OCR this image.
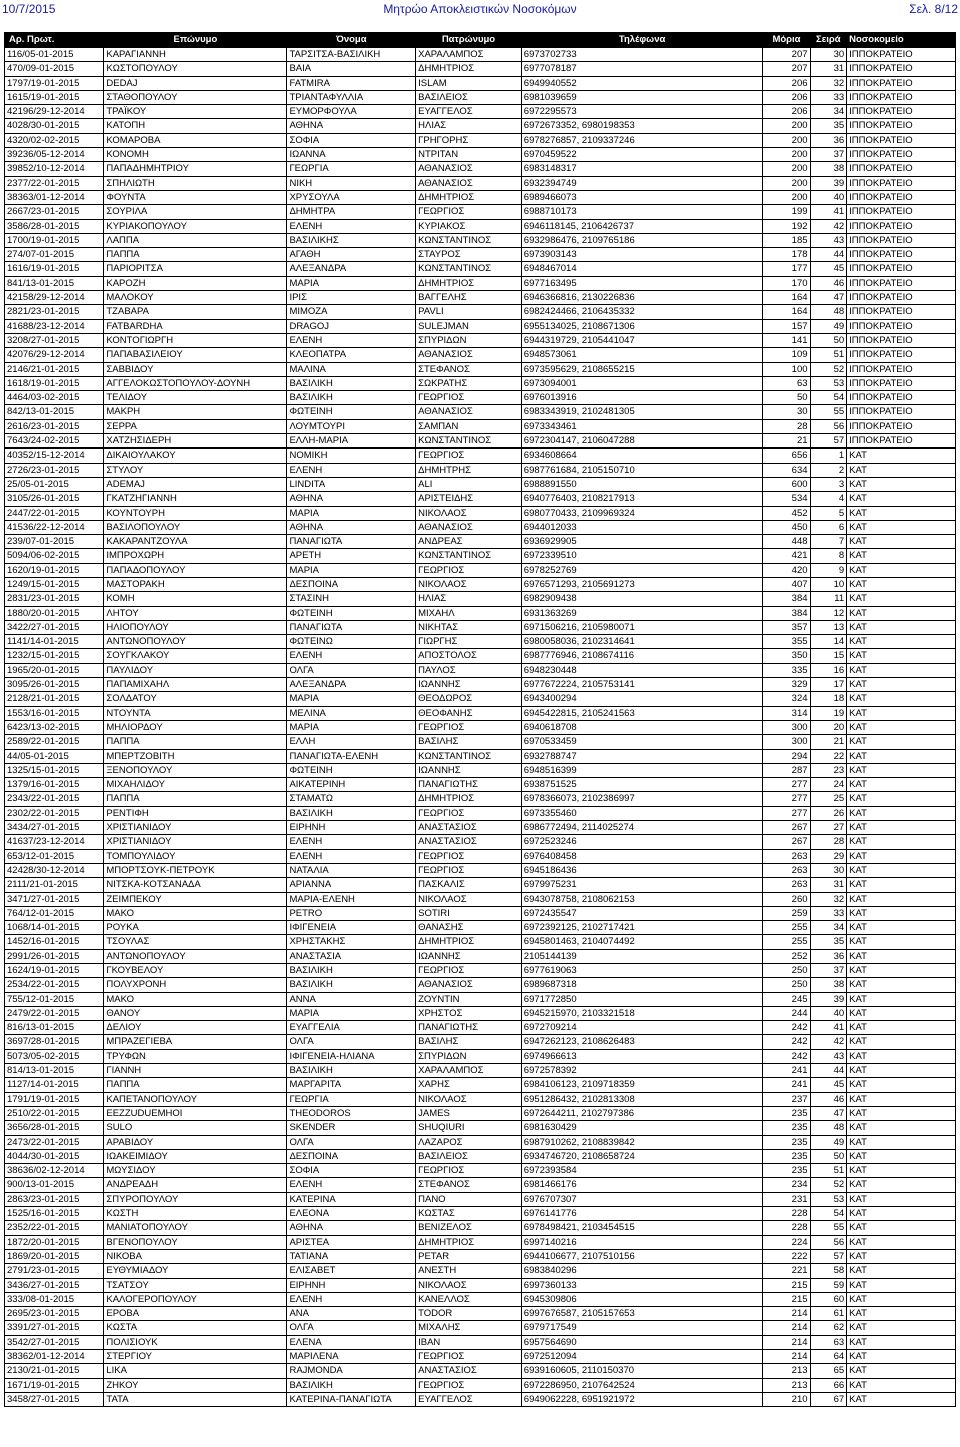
10/7/2015	Μητρώο Αποκλειστικών Νοσοκόμων	Σελ. 8/12
Αρ. Πρωτ.	Επώνυμο	Όνομα	Πατρώνυμο	Τηλέφωνα	Μόρια	Σειρά	Νοσοκομείο
116/05-01-2015	ΚΑΡΑΓΙΑΝΝΗ	ΤΑΡΣΙΤΣΑ-ΒΑΣΙΛΙΚΗ	ΧΑΡΑΛΑΜΠΟΣ	6973702733	207	30	ΙΠΠΟΚΡΑΤΕΙΟ
470/09-01-2015	ΚΩΣΤΟΠΟΥΛΟΥ	ΒΑΙΑ	ΔΗΜΗΤΡΙΟΣ	6977078187	207	31	ΙΠΠΟΚΡΑΤΕΙΟ
1797/19-01-2015	DEDAJ	FATMIRA	ISLAM	6949940552	206	32	ΙΠΠΟΚΡΑΤΕΙΟ
1615/19-01-2015	ΣΤΑΘΟΠΟΥΛΟΥ	ΤΡΙΑΝΤΑΦΥΛΛΙΑ	ΒΑΣΙΛΕΙΟΣ	6981039659	206	33	ΙΠΠΟΚΡΑΤΕΙΟ
42196/29-12-2014	ΤΡΑΪΚΟΥ	ΕΥΜΟΡΦΟΥΛΑ	ΕΥΑΓΓΕΛΟΣ	6972295573	206	34	ΙΠΠΟΚΡΑΤΕΙΟ
4028/30-01-2015	ΚΑΤΟΠΗ	ΑΘΗΝΑ	ΗΛΙΑΣ	6972673352, 6980198353	200	35	ΙΠΠΟΚΡΑΤΕΙΟ
4320/02-02-2015	ΚΟΜΑΡΟΒΑ	ΣΟΦΙΑ	ΓΡΗΓΟΡΗΣ	6978276857, 2109337246	200	36	ΙΠΠΟΚΡΑΤΕΙΟ
39236/05-12-2014	ΚΟΝΟΜΗ	ΙΩΑΝΝΑ	ΝΤΡΙΤΑΝ	6970459522	200	37	ΙΠΠΟΚΡΑΤΕΙΟ
39852/10-12-2014	ΠΑΠΑΔΗΜΗΤΡΙΟΥ	ΓΕΩΡΓΙΑ	ΑΘΑΝΑΣΙΟΣ	6983148317	200	38	ΙΠΠΟΚΡΑΤΕΙΟ
2377/22-01-2015	ΣΠΗΛΙΩΤΗ	ΝΙΚΗ	ΑΘΑΝΑΣΙΟΣ	6932394749	200	39	ΙΠΠΟΚΡΑΤΕΙΟ
38363/01-12-2014	ΦΟΥΝΤΑ	ΧΡΥΣΟΥΛΑ	ΔΗΜΗΤΡΙΟΣ	6989466073	200	40	ΙΠΠΟΚΡΑΤΕΙΟ
2667/23-01-2015	ΣΟΥΡΙΛΑ	ΔΗΜΗΤΡΑ	ΓΕΩΡΓΙΟΣ	6988710173	199	41	ΙΠΠΟΚΡΑΤΕΙΟ
3586/28-01-2015	ΚΥΡΙΑΚΟΠΟΥΛΟΥ	ΕΛΕΝΗ	ΚΥΡΙΑΚΟΣ	6946118145, 2106426737	192	42	ΙΠΠΟΚΡΑΤΕΙΟ
1700/19-01-2015	ΛΑΠΠΑ	ΒΑΣΙΛΙΚΗΣ	ΚΩΝΣΤΑΝΤΙΝΟΣ	6932986476, 2109765186	185	43	ΙΠΠΟΚΡΑΤΕΙΟ
274/07-01-2015	ΠΑΠΠΑ	ΑΓΑΘΗ	ΣΤΑΥΡΟΣ	6973903143	178	44	ΙΠΠΟΚΡΑΤΕΙΟ
1616/19-01-2015	ΠΑΡΙΟΡΙΤΣΑ	ΑΛΕΞΑΝΔΡΑ	ΚΩΝΣΤΑΝΤΙΝΟΣ	6948467014	177	45	ΙΠΠΟΚΡΑΤΕΙΟ
841/13-01-2015	ΚΑΡΟΖΗ	ΜΑΡΙΑ	ΔΗΜΗΤΡΙΟΣ	6977163495	170	46	ΙΠΠΟΚΡΑΤΕΙΟ
42158/29-12-2014	ΜΑΛΟΚΟΥ	ΙΡΙΣ	ΒΑΓΓΕΛΗΣ	6946366816, 2130226836	164	47	ΙΠΠΟΚΡΑΤΕΙΟ
2821/23-01-2015	ΤΖΑΒΑΡΑ	ΜΙΜΟΖΑ	PAVLI	6982424466, 2106435332	164	48	ΙΠΠΟΚΡΑΤΕΙΟ
41688/23-12-2014	FATBARDHA	DRAGOJ	SULEJMAN	6955134025, 2108671306	157	49	ΙΠΠΟΚΡΑΤΕΙΟ
3208/27-01-2015	ΚΟΝΤΟΓΙΩΡΓΗ	ΕΛΕΝΗ	ΣΠΥΡΙΔΩΝ	6944319729, 2105441047	141	50	ΙΠΠΟΚΡΑΤΕΙΟ
42076/29-12-2014	ΠΑΠΑΒΑΣΙΛΕΙΟΥ	ΚΛΕΟΠΑΤΡΑ	ΑΘΑΝΑΣΙΟΣ	6948573061	109	51	ΙΠΠΟΚΡΑΤΕΙΟ
2146/21-01-2015	ΣΑΒΒΙΔΟΥ	ΜΑΛΙΝΑ	ΣΤΕΦΑΝΟΣ	6973595629, 2108655215	100	52	ΙΠΠΟΚΡΑΤΕΙΟ
1618/19-01-2015	ΑΓΓΕΛΟΚΩΣΤΟΠΟΥΛΟΥ-ΔΟΥΝΗ	ΒΑΣΙΛΙΚΗ	ΣΩΚΡΑΤΗΣ	6973094001	63	53	ΙΠΠΟΚΡΑΤΕΙΟ
4464/03-02-2015	ΤΕΛΙΔΟΥ	ΒΑΣΙΛΙΚΗ	ΓΕΩΡΓΙΟΣ	6976013916	50	54	ΙΠΠΟΚΡΑΤΕΙΟ
842/13-01-2015	ΜΑΚΡΗ	ΦΩΤΕΙΝΗ	ΑΘΑΝΑΣΙΟΣ	6983343919, 2102481305	30	55	ΙΠΠΟΚΡΑΤΕΙΟ
2616/23-01-2015	ΣΕΡΡΑ	ΛΟΥΜΤΟΥΡΙ	ΣΑΜΠΑΝ	6973343461	28	56	ΙΠΠΟΚΡΑΤΕΙΟ
7643/24-02-2015	ΧΑΤΖΗΣΙΔΕΡΗ	ΕΛΛΗ-ΜΑΡΙΑ	ΚΩΝΣΤΑΝΤΙΝΟΣ	6972304147, 2106047288	21	57	ΙΠΠΟΚΡΑΤΕΙΟ
40352/15-12-2014	ΔΙΚΑΙΟΥΛΑΚΟΥ	ΝΟΜΙΚΗ	ΓΕΩΡΓΙΟΣ	6934608664	656	1	ΚΑΤ
2726/23-01-2015	ΣΤΥΛΟΥ	ΕΛΕΝΗ	ΔΗΜΗΤΡΗΣ	6987761684, 2105150710	634	2	ΚΑΤ
25/05-01-2015	ADEMAJ	LINDITA	ALI	6988891550	600	3	ΚΑΤ
3105/26-01-2015	ΓΚΑΤΖΗΓΙΑΝΝΗ	ΑΘΗΝΑ	ΑΡΙΣΤΕΙΔΗΣ	6940776403, 2108217913	534	4	ΚΑΤ
2447/22-01-2015	ΚΟΥΝΤΟΥΡΗ	ΜΑΡΙΑ	ΝΙΚΟΛΑΟΣ	6980770433, 2109969324	452	5	ΚΑΤ
41536/22-12-2014	ΒΑΣΙΛΟΠΟΥΛΟΥ	ΑΘΗΝΑ	ΑΘΑΝΑΣΙΟΣ	6944012033	450	6	ΚΑΤ
239/07-01-2015	ΚΑΚΑΡΑΝΤΖΟΥΛΑ	ΠΑΝΑΓΙΩΤΑ	ΑΝΔΡΕΑΣ	6936929905	448	7	ΚΑΤ
5094/06-02-2015	ΙΜΠΡΟΧΩΡΗ	ΑΡΕΤΗ	ΚΩΝΣΤΑΝΤΙΝΟΣ	6972339510	421	8	ΚΑΤ
1620/19-01-2015	ΠΑΠΑΔΟΠΟΥΛΟΥ	ΜΑΡΙΑ	ΓΕΩΡΓΙΟΣ	6978252769	420	9	ΚΑΤ
1249/15-01-2015	ΜΑΣΤΟΡΑΚΗ	ΔΕΣΠΟΙΝΑ	ΝΙΚΟΛΑΟΣ	6976571293, 2105691273	407	10	ΚΑΤ
2831/23-01-2015	ΚΟΜΗ	ΣΤΑΣΙΝΗ	ΗΛΙΑΣ	6982909438	384	11	ΚΑΤ
1880/20-01-2015	ΛΗΤΟΥ	ΦΩΤΕΙΝΗ	ΜΙΧΑΗΛ	6931363269	384	12	ΚΑΤ
3422/27-01-2015	ΗΛΙΟΠΟΥΛΟΥ	ΠΑΝΑΓΙΩΤΑ	ΝΙΚΗΤΑΣ	6971506216, 2105980071	357	13	ΚΑΤ
1141/14-01-2015	ΑΝΤΩΝΟΠΟΥΛΟΥ	ΦΩΤΕΙΝΩ	ΓΙΩΡΓΗΣ	6980058036, 2102314641	355	14	ΚΑΤ
1232/15-01-2015	ΣΟΥΓΚΛΑΚΟΥ	ΕΛΕΝΗ	ΑΠΟΣΤΟΛΟΣ	6987776946, 2108674116	350	15	ΚΑΤ
1965/20-01-2015	ΠΑΥΛΙΔΟΥ	ΟΛΓΑ	ΠΑΥΛΟΣ	6948230448	335	16	ΚΑΤ
3095/26-01-2015	ΠΑΠΑΜΙΧΑΗΛ	ΑΛΕΞΑΝΔΡΑ	ΙΩΑΝΝΗΣ	6977672224, 2105753141	329	17	ΚΑΤ
2128/21-01-2015	ΣΟΛΔΑΤΟΥ	ΜΑΡΙΑ	ΘΕΟΔΩΡΟΣ	6943400294	324	18	ΚΑΤ
1553/16-01-2015	ΝΤΟΥΝΤΑ	ΜΕΛΙΝΑ	ΘΕΟΦΑΝΗΣ	6945422815, 2105241563	314	19	ΚΑΤ
6423/13-02-2015	ΜΗΛΙΟΡΔΟΥ	ΜΑΡΙΑ	ΓΕΩΡΓΙΟΣ	6940618708	300	20	ΚΑΤ
2589/22-01-2015	ΠΑΠΠΑ	ΕΛΛΗ	ΒΑΣΙΛΗΣ	6970533459	300	21	ΚΑΤ
44/05-01-2015	ΜΠΕΡΤΖΟΒΙΤΗ	ΠΑΝΑΓΙΩΤΑ-ΕΛΕΝΗ	ΚΩΝΣΤΑΝΤΙΝΟΣ	6932788747	294	22	ΚΑΤ
1325/15-01-2015	ΞΕΝΟΠΟΥΛΟΥ	ΦΩΤΕΙΝΗ	ΙΩΑΝΝΗΣ	6948516399	287	23	ΚΑΤ
1379/16-01-2015	ΜΙΧΑΗΛΙΔΟΥ	ΑΙΚΑΤΕΡΙΝΗ	ΠΑΝΑΓΙΩΤΗΣ	6938751525	277	24	ΚΑΤ
2343/22-01-2015	ΠΑΠΠΑ	ΣΤΑΜΑΤΩ	ΔΗΜΗΤΡΙΟΣ	6978366073, 2102386997	277	25	ΚΑΤ
2302/22-01-2015	ΡΕΝΤΙΦΗ	ΒΑΣΙΛΙΚΗ	ΓΕΩΡΓΙΟΣ	6973355460	277	26	ΚΑΤ
3434/27-01-2015	ΧΡΙΣΤΙΑΝΙΔΟΥ	ΕΙΡΗΝΗ	ΑΝΑΣΤΑΣΙΟΣ	6986772494, 2114025274	267	27	ΚΑΤ
41637/23-12-2014	ΧΡΙΣΤΙΑΝΙΔΟΥ	ΕΛΕΝΗ	ΑΝΑΣΤΑΣΙΟΣ	6972523246	267	28	ΚΑΤ
653/12-01-2015	ΤΟΜΠΟΥΛΙΔΟΥ	ΕΛΕΝΗ	ΓΕΩΡΓΙΟΣ	6976408458	263	29	ΚΑΤ
42428/30-12-2014	ΜΠΟΡΤΣΟΥΚ-ΠΕΤΡΟΥΚ	ΝΑΤΑΛΙΑ	ΓΕΩΡΓΙΟΣ	6945186436	263	30	ΚΑΤ
2111/21-01-2015	ΝΙΤΣΚΑ-ΚΟΤΣΑΝΑΔΑ	ΑΡΙΑΝΝΑ	ΠΑΣΚΑΛΙΣ	6979975231	263	31	ΚΑΤ
3471/27-01-2015	ΖΕΙΜΠΕΚΟΥ	ΜΑΡΙΑ-ΕΛΕΝΗ	ΝΙΚΟΛΑΟΣ	6943078758, 2108062153	260	32	ΚΑΤ
764/12-01-2015	ΜΑΚΟ	PETRO	SOTIRI	6972435547	259	33	ΚΑΤ
1068/14-01-2015	ΡΟΥΚΑ	ΙΦΙΓΕΝΕΙΑ	ΘΑΝΑΣΗΣ	6972392125, 2102717421	255	34	ΚΑΤ
1452/16-01-2015	ΤΣΟΥΛΑΣ	ΧΡΗΣΤΑΚΗΣ	ΔΗΜΗΤΡΙΟΣ	6945801463, 2104074492	255	35	ΚΑΤ
2991/26-01-2015	ΑΝΤΩΝΟΠΟΥΛΟΥ	ΑΝΑΣΤΑΣΙΑ	ΙΩΑΝΝΗΣ	2105144139	252	36	ΚΑΤ
1624/19-01-2015	ΓΚΟΥΒΕΛΟΥ	ΒΑΣΙΛΙΚΗ	ΓΕΩΡΓΙΟΣ	6977619063	250	37	ΚΑΤ
2534/22-01-2015	ΠΟΛΥΧΡΟΝΗ	ΒΑΣΙΛΙΚΗ	ΑΘΑΝΑΣΙΟΣ	6989687318	250	38	ΚΑΤ
755/12-01-2015	ΜΑΚΟ	ΑΝΝΑ	ΖΟΥΝΤΙΝ	6971772850	245	39	ΚΑΤ
2479/22-01-2015	ΘΑΝΟΥ	ΜΑΡΙΑ	ΧΡΗΣΤΟΣ	6945215970, 2103321518	244	40	ΚΑΤ
816/13-01-2015	ΔΕΛΙΟΥ	ΕΥΑΓΓΕΛΙΑ	ΠΑΝΑΓΙΩΤΗΣ	6972709214	242	41	ΚΑΤ
3697/28-01-2015	ΜΠΡΑΖΕΓΙΕΒΑ	ΟΛΓΑ	ΒΑΣΙΛΗΣ	6947262123, 2108626483	242	42	ΚΑΤ
5073/05-02-2015	ΤΡΥΦΩΝ	ΙΦΙΓΕΝΕΙΑ-ΗΛΙΑΝΑ	ΣΠΥΡΙΔΩΝ	6974966613	242	43	ΚΑΤ
814/13-01-2015	ΓΙΑΝΝΗ	ΒΑΣΙΛΙΚΗ	ΧΑΡΑΛΑΜΠΟΣ	6972578392	241	44	ΚΑΤ
1127/14-01-2015	ΠΑΠΠΑ	ΜΑΡΓΑΡΙΤΑ	ΧΑΡΗΣ	6984106123, 2109718359	241	45	ΚΑΤ
1791/19-01-2015	ΚΑΠΕΤΑΝΟΠΟΥΛΟΥ	ΓΕΩΡΓΙΑ	ΝΙΚΟΛΑΟΣ	6951286432, 2102813308	237	46	ΚΑΤ
2510/22-01-2015	EEZZUDUEMHOI	THEODOROS	JAMES	6972644211, 2102797386	235	47	ΚΑΤ
3656/28-01-2015	SULO	SKENDER	SHUQIURI	6981630429	235	48	ΚΑΤ
2473/22-01-2015	ΑΡΑΒΙΔΟΥ	ΟΛΓΑ	ΛΑΖΑΡΟΣ	6987910262, 2108839842	235	49	ΚΑΤ
4044/30-01-2015	ΙΩΑΚΕΙΜΙΔΟΥ	ΔΕΣΠΟΙΝΑ	ΒΑΣΙΛΕΙΟΣ	6934746720, 2108658724	235	50	ΚΑΤ
38636/02-12-2014	ΜΩΥΣΙΔΟΥ	ΣΟΦΙΑ	ΓΕΩΡΓΙΟΣ	6972393584	235	51	ΚΑΤ
900/13-01-2015	ΑΝΔΡΕΑΔΗ	ΕΛΕΝΗ	ΣΤΕΦΑΝΟΣ	6981466176	234	52	ΚΑΤ
2863/23-01-2015	ΣΠΥΡΟΠΟΥΛΟΥ	ΚΑΤΕΡΙΝΑ	ΠΑΝΟ	6976707307	231	53	ΚΑΤ
1525/16-01-2015	ΚΩΣΤΗ	ΕΛΕΟΝΑ	ΚΩΣΤΑΣ	6976141776	228	54	ΚΑΤ
2352/22-01-2015	ΜΑΝΙΑΤΟΠΟΥΛΟΥ	ΑΘΗΝΑ	ΒΕΝΙΖΕΛΟΣ	6978498421, 2103454515	228	55	ΚΑΤ
1872/20-01-2015	ΒΓΕΝΟΠΟΥΛΟΥ	ΑΡΙΣΤΕΑ	ΔΗΜΗΤΡΙΟΣ	6997140216	224	56	ΚΑΤ
1869/20-01-2015	ΝΙΚΟΒΑ	ΤΑΤΙΑΝΑ	PETAR	6944106677, 2107510156	222	57	ΚΑΤ
2791/23-01-2015	ΕΥΘΥΜΙΑΔΟΥ	ΕΛΙΣΑΒΕΤ	ΑΝΕΣΤΗ	6983840296	221	58	ΚΑΤ
3436/27-01-2015	ΤΣΑΤΣΟΥ	ΕΙΡΗΝΗ	ΝΙΚΟΛΑΟΣ	6997360133	215	59	ΚΑΤ
333/08-01-2015	ΚΑΛΟΓΕΡΟΠΟΥΛΟΥ	ΕΛΕΝΗ	ΚΑΝΕΛΛΟΣ	6945309806	215	60	ΚΑΤ
2695/23-01-2015	ΕΡΟΒΑ	ΑΝΑ	TODOR	6997676587, 2105157653	214	61	ΚΑΤ
3391/27-01-2015	ΚΩΣΤΑ	ΟΛΓΑ	ΜΙΧΑΛΗΣ	6979717549	214	62	ΚΑΤ
3542/27-01-2015	ΠΟΛΙΣΙΟΥΚ	ΕΛΕΝΑ	IBAN	6957564690	214	63	ΚΑΤ
38362/01-12-2014	ΣΤΕΡΓΙΟΥ	ΜΑΡΙΛΕΝΑ	ΓΕΩΡΓΙΟΣ	6972512094	214	64	ΚΑΤ
2130/21-01-2015	LIKA	RAJMONDA	ΑΝΑΣΤΑΣΙΟΣ	6939160605, 2110150370	213	65	ΚΑΤ
1671/19-01-2015	ΖΗΚΟΥ	ΒΑΣΙΛΙΚΗ	ΓΕΩΡΓΙΟΣ	6972286950, 2107642524	213	66	ΚΑΤ
3458/27-01-2015	ΤΑΤΑ	ΚΑΤΕΡΙΝΑ-ΠΑΝΑΓΙΩΤΑ	ΕΥΑΓΓΕΛΟΣ	6949062228, 6951921972	210	67	ΚΑΤ
